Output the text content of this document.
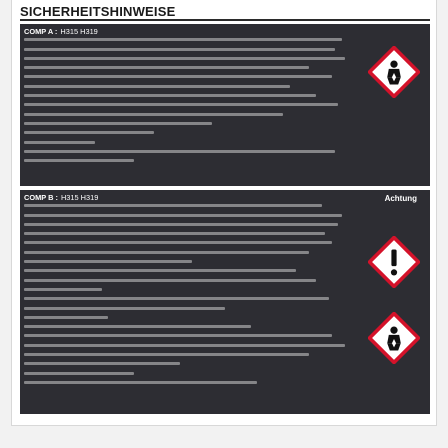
SICHERHEITSHINWEISE
COMP A : H315 H319
COMP B : H315 H319	Achtung
